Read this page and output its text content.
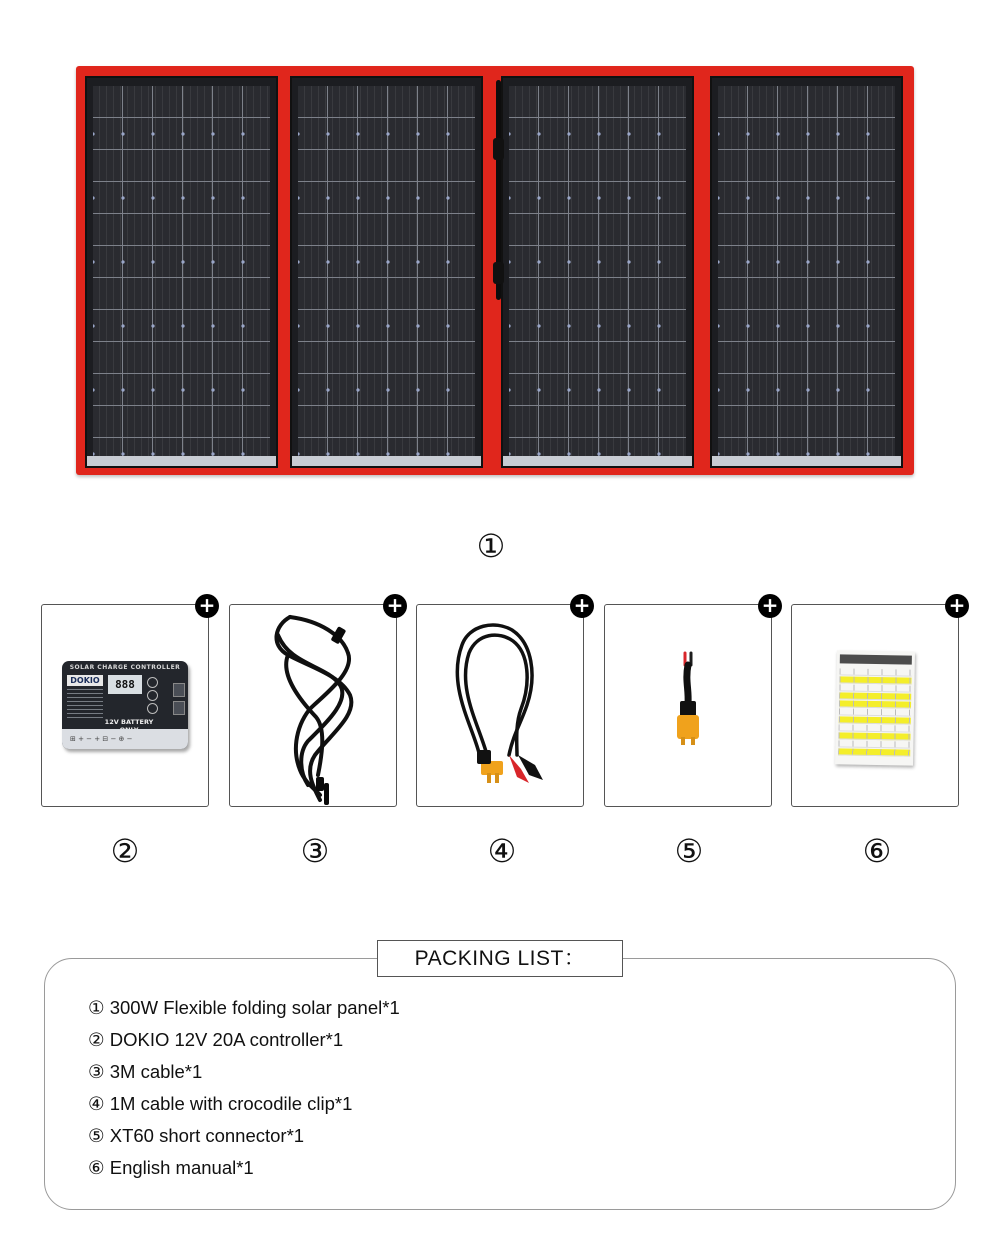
①
+
SOLAR CHARGE CONTROLLER
DOKIO	888
12V BATTERY
⊞ + − + ⊟ − ⊕ −
②
+
③
+
④
+
⑤
+
⑥
PACKING LIST：
① 300W Flexible folding solar panel*1
② DOKIO 12V 20A controller*1
③ 3M cable*1
④ 1M cable with crocodile clip*1
⑤ XT60 short connector*1
⑥ English manual*1
